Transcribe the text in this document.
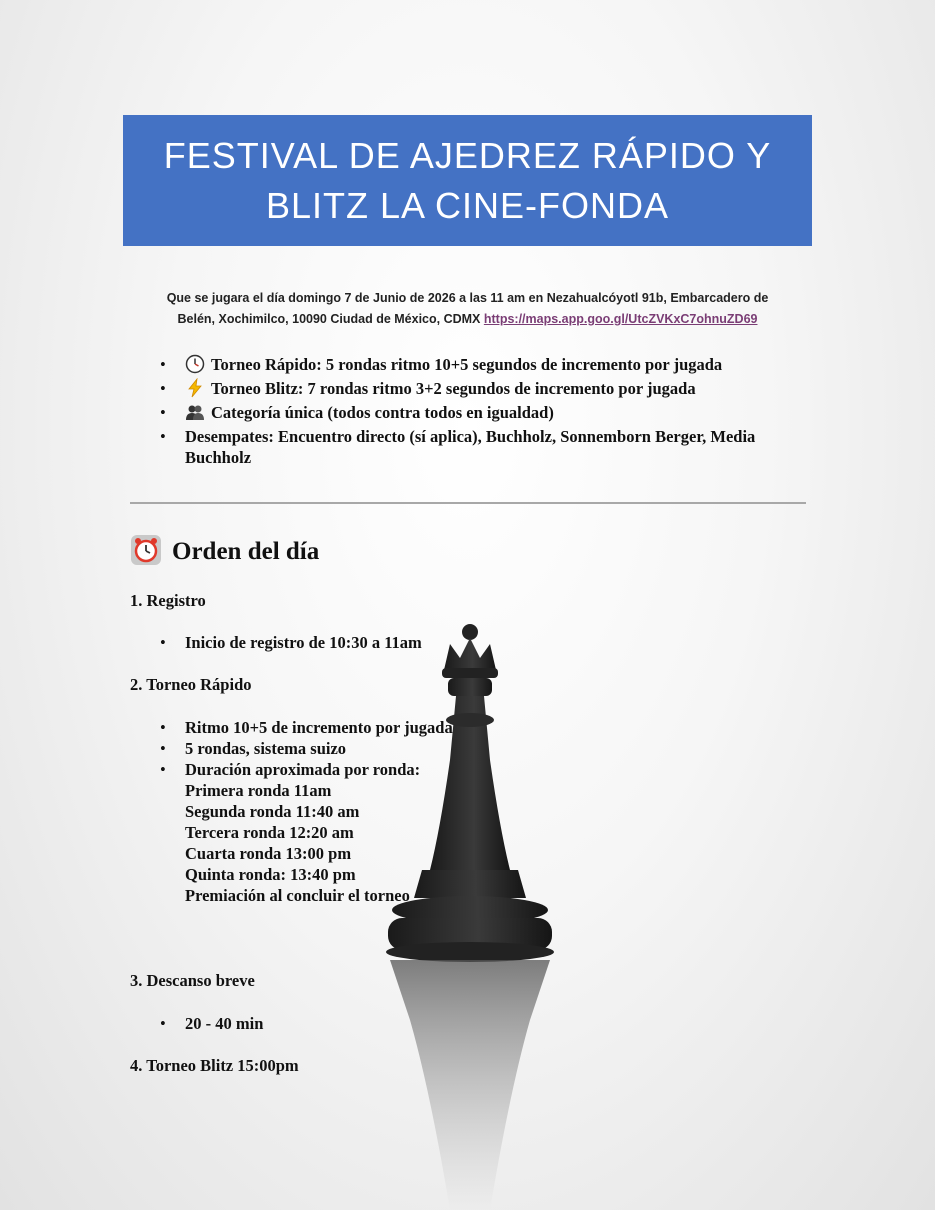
FESTIVAL DE AJEDREZ RÁPIDO Y
BLITZ LA CINE-FONDA
Que se jugara el día domingo 7 de Junio de 2026 a las 11 am en Nezahualcóyotl 91b, Embarcadero de
Belén, Xochimilco, 10090 Ciudad de México, CDMX https://maps.app.goo.gl/UtcZVKxC7ohnuZD69
• Torneo Rápido: 5 rondas ritmo 10+5 segundos de incremento por jugada
• Torneo Blitz: 7 rondas ritmo 3+2 segundos de incremento por jugada
• Categoría única (todos contra todos en igualdad)
• Desempates: Encuentro directo (sí aplica), Buchholz, Sonnemborn Berger, Media Buchholz
Orden del día
1. Registro
• Inicio de registro de 10:30 a 11am
2. Torneo Rápido
• Ritmo 10+5 de incremento por jugada
• 5 rondas, sistema suizo
• Duración aproximada por ronda:
Primera ronda 11am
Segunda ronda 11:40 am
Tercera ronda 12:20 am
Cuarta ronda 13:00 pm
Quinta ronda: 13:40 pm
Premiación al concluir el torneo
3. Descanso breve
• 20 - 40 min
4. Torneo Blitz 15:00pm
